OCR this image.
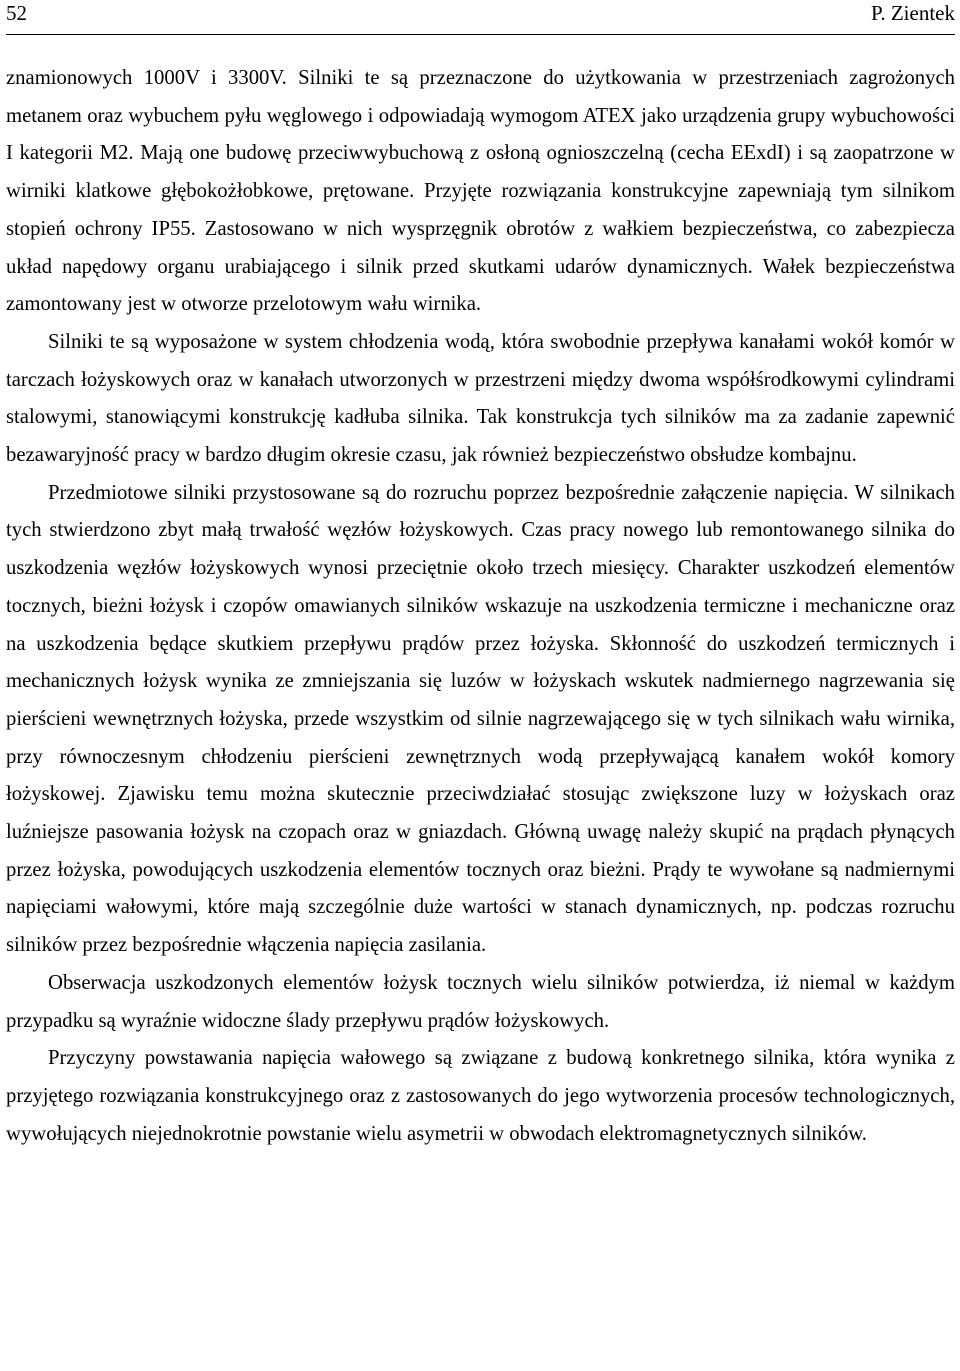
52	P. Zientek

znamionowych 1000V i 3300V. Silniki te są przeznaczone do użytkowania w przestrzeniach zagrożonych metanem oraz wybuchem pyłu węglowego i odpowiadają wymogom ATEX jako urządzenia grupy wybuchowości I kategorii M2. Mają one budowę przeciwwybuchową z osłoną ognioszczelną (cecha EExdI) i są zaopatrzone w wirniki klatkowe głębokożłobkowe, prętowane. Przyjęte rozwiązania konstrukcyjne zapewniają tym silnikom stopień ochrony IP55. Zastosowano w nich wysprzęgnik obrotów z wałkiem bezpieczeństwa, co zabezpiecza układ napędowy organu urabiającego i silnik przed skutkami udarów dynamicznych. Wałek bezpieczeństwa zamontowany jest w otworze przelotowym wału wirnika.

Silniki te są wyposażone w system chłodzenia wodą, która swobodnie przepływa kanałami wokół komór w tarczach łożyskowych oraz w kanałach utworzonych w przestrzeni między dwoma współśrodkowymi cylindrami stalowymi, stanowiącymi konstrukcję kadłuba silnika. Tak konstrukcja tych silników ma za zadanie zapewnić bezawaryjność pracy w bardzo długim okresie czasu, jak również bezpieczeństwo obsłudze kombajnu.

Przedmiotowe silniki przystosowane są do rozruchu poprzez bezpośrednie załączenie napięcia. W silnikach tych stwierdzono zbyt małą trwałość węzłów łożyskowych. Czas pracy nowego lub remontowanego silnika do uszkodzenia węzłów łożyskowych wynosi przeciętnie około trzech miesięcy. Charakter uszkodzeń elementów tocznych, bieżni łożysk i czopów omawianych silników wskazuje na uszkodzenia termiczne i mechaniczne oraz na uszkodzenia będące skutkiem przepływu prądów przez łożyska. Skłonność do uszkodzeń termicznych i mechanicznych łożysk wynika ze zmniejszania się luzów w łożyskach wskutek nadmiernego nagrzewania się pierścieni wewnętrznych łożyska, przede wszystkim od silnie nagrzewającego się w tych silnikach wału wirnika, przy równoczesnym chłodzeniu pierścieni zewnętrznych wodą przepływającą kanałem wokół komory łożyskowej. Zjawisku temu można skutecznie przeciwdziałać stosując zwiększone luzy w łożyskach oraz luźniejsze pasowania łożysk na czopach oraz w gniazdach. Główną uwagę należy skupić na prądach płynących przez łożyska, powodujących uszkodzenia elementów tocznych oraz bieżni. Prądy te wywołane są nadmiernymi napięciami wałowymi, które mają szczególnie duże wartości w stanach dynamicznych, np. podczas rozruchu silników przez bezpośrednie włączenia napięcia zasilania.

Obserwacja uszkodzonych elementów łożysk tocznych wielu silników potwierdza, iż niemal w każdym przypadku są wyraźnie widoczne ślady przepływu prądów łożyskowych.

Przyczyny powstawania napięcia wałowego są związane z budową konkretnego silnika, która wynika z przyjętego rozwiązania konstrukcyjnego oraz z zastosowanych do jego wytworzenia procesów technologicznych, wywołujących niejednokrotnie powstanie wielu asymetrii w obwodach elektromagnetycznych silników.
